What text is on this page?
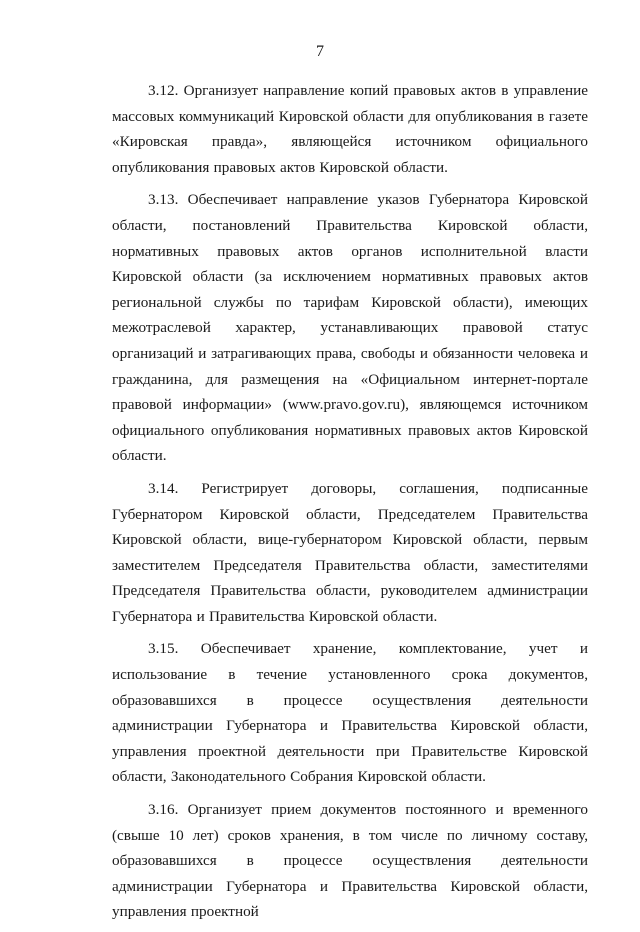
7

3.12. Организует направление копий правовых актов в управление массовых коммуникаций Кировской области для опубликования в газете «Кировская правда», являющейся источником официального опубликования правовых актов Кировской области.

3.13. Обеспечивает направление указов Губернатора Кировской области, постановлений Правительства Кировской области, нормативных правовых актов органов исполнительной власти Кировской области (за исключением нормативных правовых актов региональной службы по тарифам Кировской области), имеющих межотраслевой характер, устанавливающих правовой статус организаций и затрагивающих права, свободы и обязанности человека и гражданина, для размещения на «Официальном интернет-портале правовой информации» (www.pravo.gov.ru), являющемся источником официального опубликования нормативных правовых актов Кировской области.

3.14. Регистрирует договоры, соглашения, подписанные Губернатором Кировской области, Председателем Правительства Кировской области, вице-губернатором Кировской области, первым заместителем Председателя Правительства области, заместителями Председателя Правительства области, руководителем администрации Губернатора и Правительства Кировской области.

3.15. Обеспечивает хранение, комплектование, учет и использование в течение установленного срока документов, образовавшихся в процессе осуществления деятельности администрации Губернатора и Правительства Кировской области, управления проектной деятельности при Правительстве Кировской области, Законодательного Собрания Кировской области.

3.16. Организует прием документов постоянного и временного (свыше 10 лет) сроков хранения, в том числе по личному составу, образовавшихся в процессе осуществления деятельности администрации Губернатора и Правительства Кировской области, управления проектной
